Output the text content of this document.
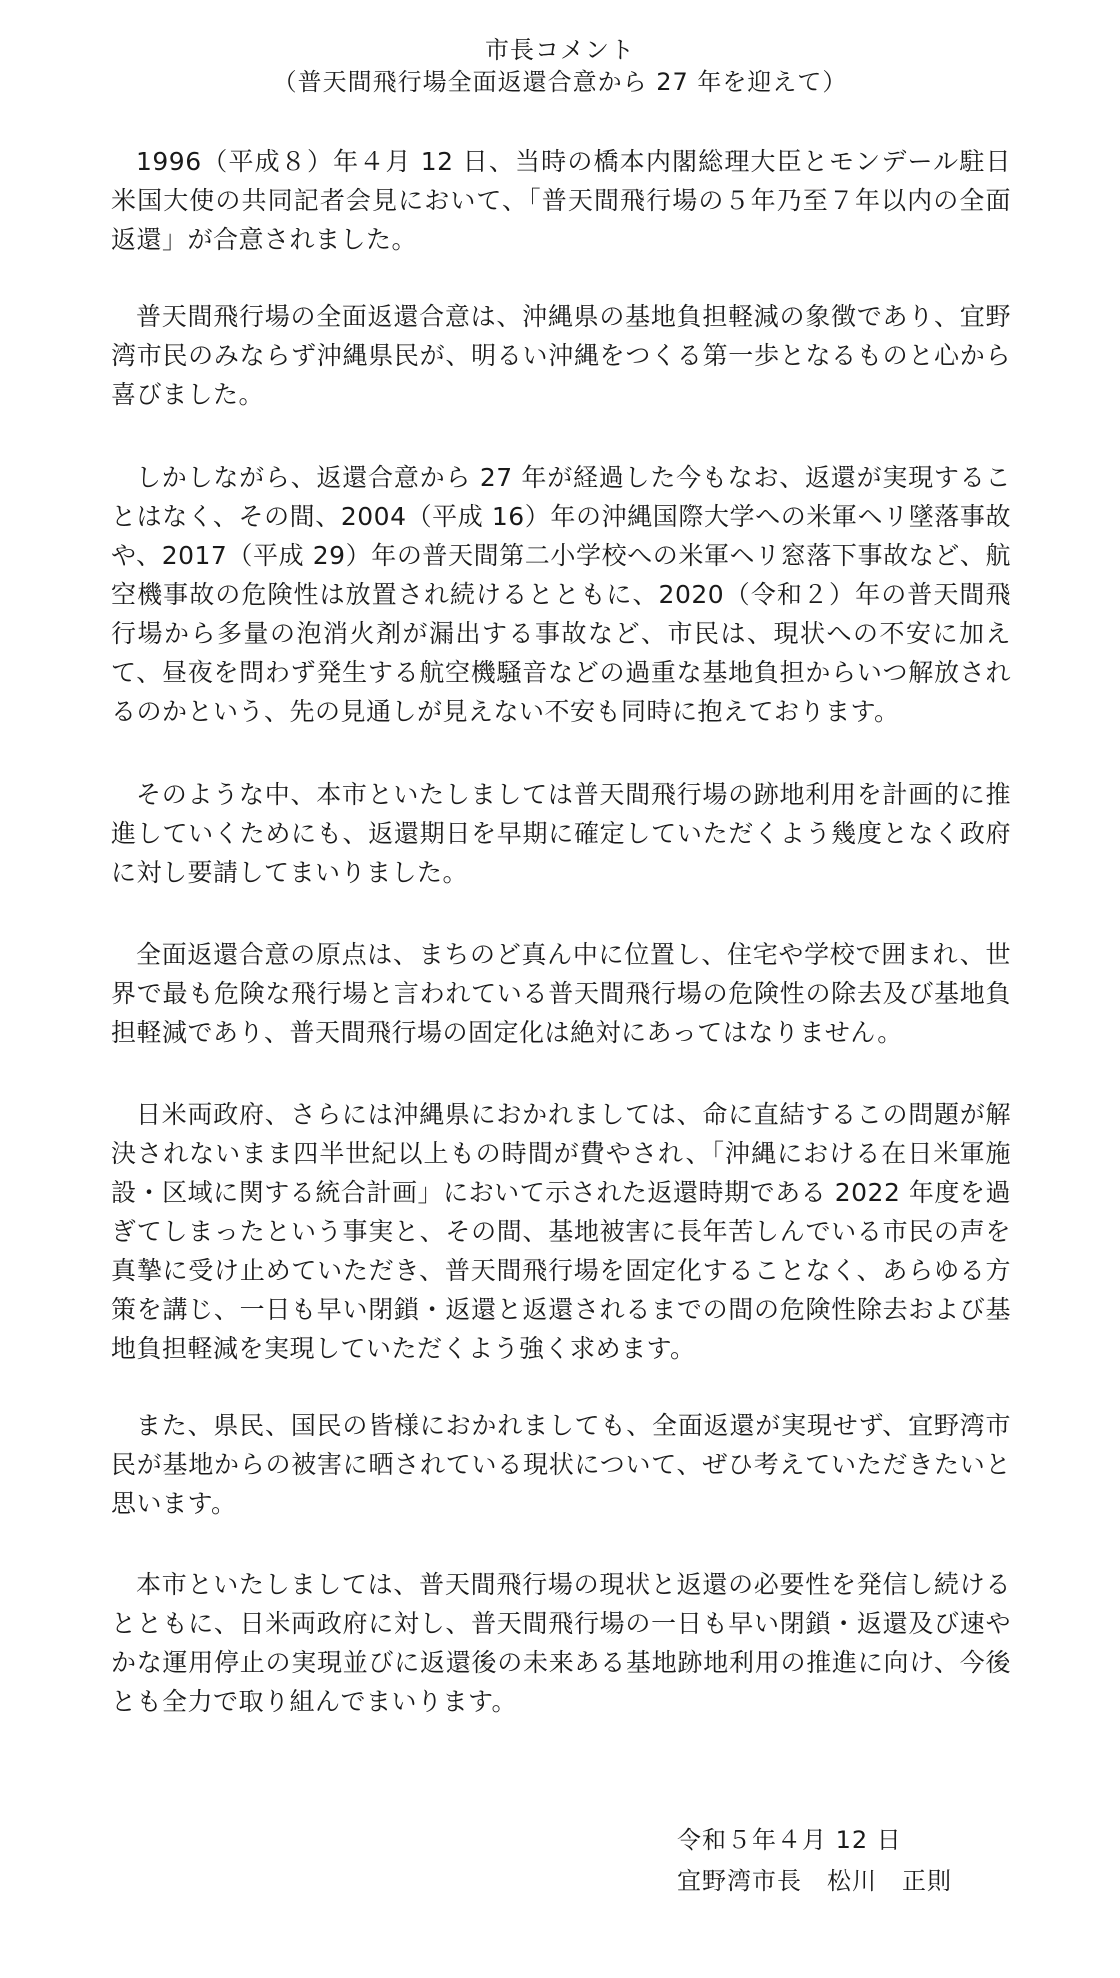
市長コメント
（普天間飛行場全面返還合意から 27 年を迎えて）

1996（平成８）年４月 12 日、当時の橋本内閣総理大臣とモンデール駐日米国大使の共同記者会見において、「普天間飛行場の５年乃至７年以内の全面返還」が合意されました。

普天間飛行場の全面返還合意は、沖縄県の基地負担軽減の象徴であり、宜野湾市民のみならず沖縄県民が、明るい沖縄をつくる第一歩となるものと心から喜びました。

しかしながら、返還合意から 27 年が経過した今もなお、返還が実現することはなく、その間、2004（平成 16）年の沖縄国際大学への米軍ヘリ墜落事故や、2017（平成 29）年の普天間第二小学校への米軍ヘリ窓落下事故など、航空機事故の危険性は放置され続けるとともに、2020（令和２）年の普天間飛行場から多量の泡消火剤が漏出する事故など、市民は、現状への不安に加えて、昼夜を問わず発生する航空機騒音などの過重な基地負担からいつ解放されるのかという、先の見通しが見えない不安も同時に抱えております。

そのような中、本市といたしましては普天間飛行場の跡地利用を計画的に推進していくためにも、返還期日を早期に確定していただくよう幾度となく政府に対し要請してまいりました。

全面返還合意の原点は、まちのど真ん中に位置し、住宅や学校で囲まれ、世界で最も危険な飛行場と言われている普天間飛行場の危険性の除去及び基地負担軽減であり、普天間飛行場の固定化は絶対にあってはなりません。

日米両政府、さらには沖縄県におかれましては、命に直結するこの問題が解決されないまま四半世紀以上もの時間が費やされ、「沖縄における在日米軍施設・区域に関する統合計画」において示された返還時期である 2022 年度を過ぎてしまったという事実と、その間、基地被害に長年苦しんでいる市民の声を真摯に受け止めていただき、普天間飛行場を固定化することなく、あらゆる方策を講じ、一日も早い閉鎖・返還と返還されるまでの間の危険性除去および基地負担軽減を実現していただくよう強く求めます。

また、県民、国民の皆様におかれましても、全面返還が実現せず、宜野湾市民が基地からの被害に晒されている現状について、ぜひ考えていただきたいと思います。

本市といたしましては、普天間飛行場の現状と返還の必要性を発信し続けるとともに、日米両政府に対し、普天間飛行場の一日も早い閉鎖・返還及び速やかな運用停止の実現並びに返還後の未来ある基地跡地利用の推進に向け、今後とも全力で取り組んでまいります。

令和５年４月 12 日
宜野湾市長　松川　正則
